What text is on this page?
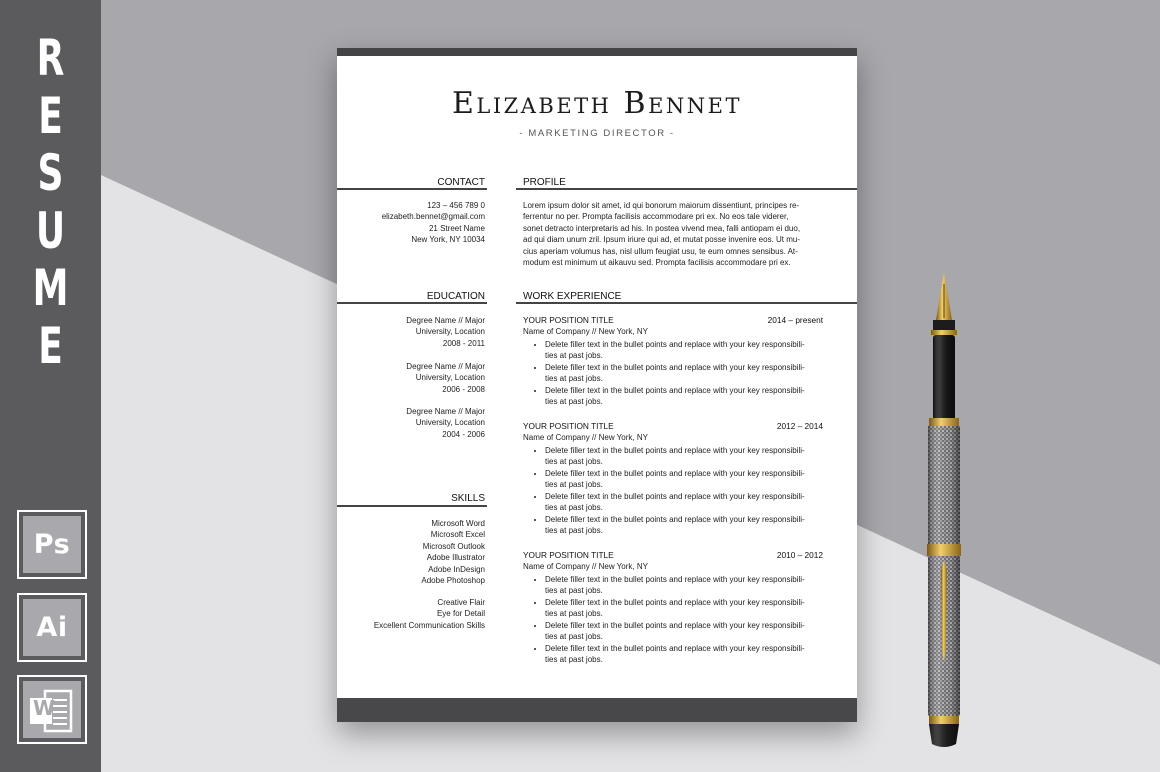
R
E
S
U
M
E
Ps
Ai
W
Elizabeth Bennet
- MARKETING DIRECTOR -
CONTACT
123 – 456 789 0
elizabeth.bennet@gmail.com
21 Street Name
New York, NY 10034
PROFILE

Lorem ipsum dolor sit amet, id qui bonorum maiorum dissentiunt, principes re-

ferrentur no per. Prompta facilisis accommodare pri ex. No eos tale viderer,

sonet detracto interpretaris ad his. In postea vivend mea, falli antiopam ei duo,

ad qui diam unum zril. Ipsum iriure qui ad, et mutat posse invenire eos. Ut mu-

cius aperiam volumus has, nisl ullum feugiat usu, te eum omnes sensibus. At-

modum est minimum ut aikauvu sed. Prompta facilisis accommodare pri ex.

EDUCATION
Degree Name // Major
University, Location
2008 - 2011
Degree Name // Major
University, Location
2006 - 2008
Degree Name // Major
University, Location
2004 - 2006
SKILLS
Microsoft Word
Microsoft Excel
Microsoft Outlook
Adobe Illustrator
Adobe InDesign
Adobe Photoshop
Creative Flair
Eye for Detail
Excellent Communication Skills
WORK EXPERIENCE
YOUR POSITION TITLE	2014 – present
Name of Company // New York, NY
• Delete filler text in the bullet points and replace with your key responsibili-
ties at past jobs.
• Delete filler text in the bullet points and replace with your key responsibili-
ties at past jobs.
• Delete filler text in the bullet points and replace with your key responsibili-
ties at past jobs.
YOUR POSITION TITLE	2012 – 2014
Name of Company // New York, NY
• Delete filler text in the bullet points and replace with your key responsibili-
ties at past jobs.
• Delete filler text in the bullet points and replace with your key responsibili-
ties at past jobs.
• Delete filler text in the bullet points and replace with your key responsibili-
ties at past jobs.
• Delete filler text in the bullet points and replace with your key responsibili-
ties at past jobs.
YOUR POSITION TITLE	2010 – 2012
Name of Company // New York, NY
• Delete filler text in the bullet points and replace with your key responsibili-
ties at past jobs.
• Delete filler text in the bullet points and replace with your key responsibili-
ties at past jobs.
• Delete filler text in the bullet points and replace with your key responsibili-
ties at past jobs.
• Delete filler text in the bullet points and replace with your key responsibili-
ties at past jobs.
